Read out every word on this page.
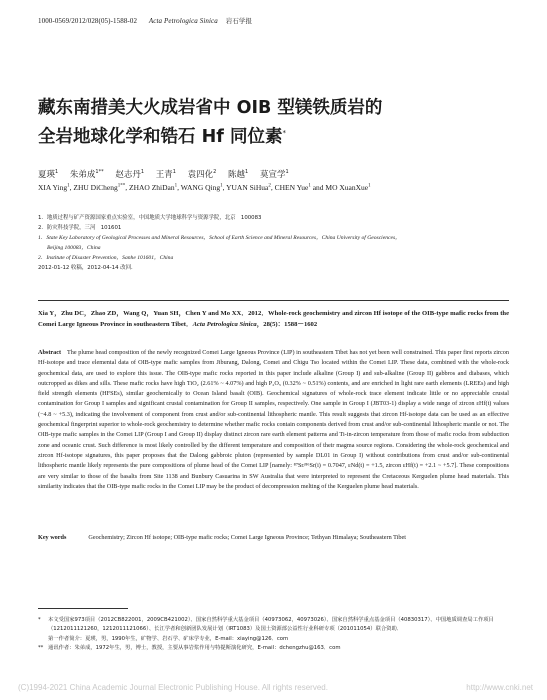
1000-0569/2012/028(05)-1588-02 Acta Petrologica Sinica 岩石学报
藏东南措美大火成岩省中 OIB 型镁铁质岩的
全岩地球化学和锆石 Hf 同位素*
夏瑛$^1$ 朱弟成$^{1**}$ 赵志丹$^1$ 王青$^1$ 袁四化$^2$ 陈越$^1$ 莫宣学$^1$
XIA Ying$^1$, ZHU DiCheng$^{1**}$, ZHAO ZhiDan$^1$, WANG Qing$^1$, YUAN SiHua$^2$, CHEN Yue$^1$ and MO XuanXue$^1$
1．地质过程与矿产资源国家重点实验室，中国地质大学地球科学与资源学院，北京　100083
2．防灾科技学院，三河　101601
1．State Key Laboratory of Geological Processes and Mineral Resources，School of Earth Science and Mineral Resources，China University of Geosciences，
Beijing 100083，China
2．Institute of Disaster Prevention，Sanhe 101601，China
2012-01-12 收稿，2012-04-14 改回．
Xia Y，Zhu DC，Zhao ZD，Wang Q，Yuan SH，Chen Y and Mo XX．2012．Whole-rock geochemistry and zircon Hf isotope of the OIB-type mafic rocks from the Comei Large Igneous Province in southeastern Tibet．Acta Petrologica Sinica，28(5)：1588－1602
Abstract The plume head composition of the newly recognized Comei Large Igneous Province (LIP) in southeastern Tibet has not yet been well constrained. This paper first reports zircon Hf-isotope and trace elemental data of OIB-type mafic samples from Jiburang, Dalong, Comei and Chigu Tso located within the Comei LIP. These data, combined with the whole-rock geochemical data, are used to explore this issue. The OIB-type mafic rocks reported in this paper include alkaline (Group I) and sub-alkaline (Group II) gabbros and diabases, which outcropped as dikes and sills. These mafic rocks have high TiO₂ (2.61% ~ 4.07%) and high P₂O₅ (0.32% ~ 0.51%) contents, and are enriched in light rare earth elements (LREEs) and high field strength elements (HFSEs), similar geochemically to Ocean Island basalt (OIB). Geochemical signatures of whole-rock trace element indicate little or no appreciable crustal contamination for Group I samples and significant crustal contamination for Group II samples, respectively. One sample in Group I (JBT03-1) display a wide range of zircon εHf(t) values (−4.8 ~ +5.3), indicating the involvement of component from crust and/or sub-continental lithospheric mantle. This result suggests that zircon Hf-isotope data can be used as an effective geochemical fingerprint superior to whole-rock geochemistry to determine whether mafic rocks contain components derived from crust and/or sub-continental lithospheric mantle or not. The OIB-type mafic samples in the Comei LIP (Group I and Group II) display distinct zircon rare earth element patterns and Ti-in-zircon temperature from those of mafic rocks from subduction zone and oceanic crust. Such difference is most likely controlled by the different temperature and composition of their magma source regions. Considering the whole-rock geochemical and zircon Hf-isotope signatures, this paper proposes that the Dalong gabbroic pluton (represented by sample DL01 in Group I) without contributions from crust and/or sub-continental lithospheric mantle likely represents the pure compositions of plume head of the Comei LIP [namely: ⁸⁷Sr/⁸⁶Sr(i) = 0.7047, εNd(t) = +1.5, zircon εHf(t) = +2.1 ~ +5.7]. These compositions are very similar to those of the basalts from Site 1138 and Bunbury Casuarina in SW Australia that were interpreted to represent the Cretaceous Kerguelen plume head materials. This similarity indicates that the OIB-type mafic rocks in the Comei LIP may be the product of decompression melting of the Kerguelen plume head materials.
Key words	Geochemistry; Zircon Hf isotope; OIB-type mafic rocks; Comei Large Igneous Province; Tethyan Himalaya; Southeastern Tibet
* 本文受国家973项目（2012CB822001，2009CB421002）、国家自然科学重大基金项目（40973062，40973026）、国家自然科学重点基金项目（40830317）、中国地质调查局工作项目（1212011121260，1212011121066）、长江学者和创新团队发展计划（IRT1083）及国土资源部公益性行业科研专项（201011054）联合资助．
第一作者简介：夏瑛，男，1990年生，矿物学、岩石学、矿床学专业，E-mail：xiaying@126．com
** 通讯作者：朱弟成，1972年生，男，博士，教授，主要从事岩浆作用与特提斯演化研究，E-mail：dchengzhu@163．com
(C)1994-2021 China Academic Journal Electronic Publishing House. All rights reserved.	http://www.cnki.net
